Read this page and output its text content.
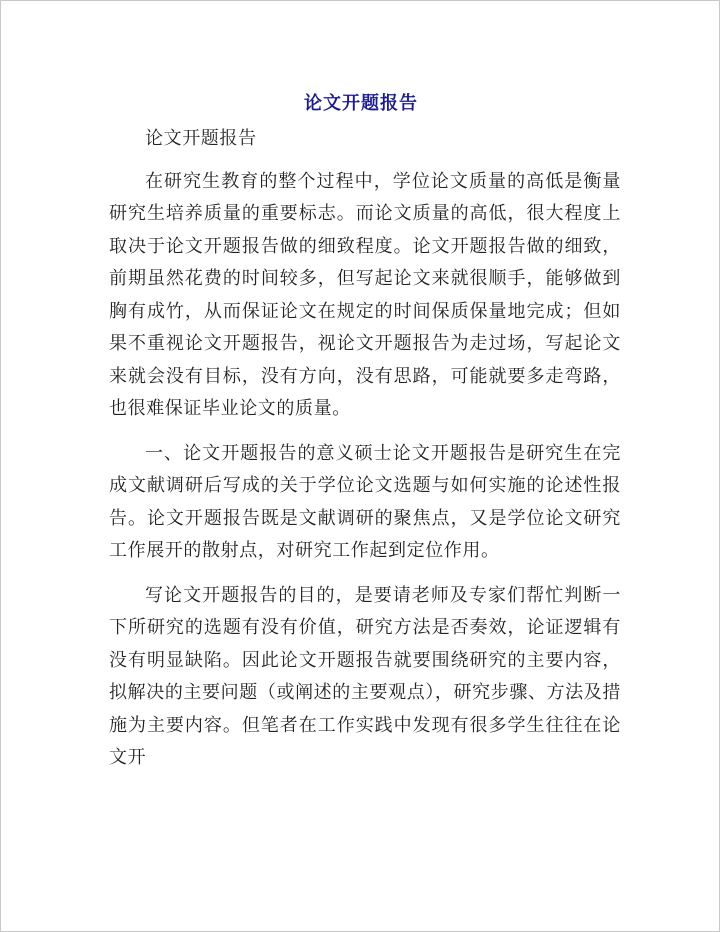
论文开题报告

论文开题报告

在研究生教育的整个过程中，学位论文质量的高低是衡量研究生培养质量的重要标志。而论文质量的高低，很大程度上取决于论文开题报告做的细致程度。论文开题报告做的细致，前期虽然花费的时间较多，但写起论文来就很顺手，能够做到胸有成竹，从而保证论文在规定的时间保质保量地完成；但如果不重视论文开题报告，视论文开题报告为走过场，写起论文来就会没有目标，没有方向，没有思路，可能就要多走弯路，也很难保证毕业论文的质量。

一、论文开题报告的意义硕士论文开题报告是研究生在完成文献调研后写成的关于学位论文选题与如何实施的论述性报告。论文开题报告既是文献调研的聚焦点，又是学位论文研究工作展开的散射点，对研究工作起到定位作用。

写论文开题报告的目的，是要请老师及专家们帮忙判断一下所研究的选题有没有价值，研究方法是否奏效，论证逻辑有没有明显缺陷。因此论文开题报告就要围绕研究的主要内容，拟解决的主要问题（或阐述的主要观点），研究步骤、方法及措施为主要内容。但笔者在工作实践中发现有很多学生往往在论文开
